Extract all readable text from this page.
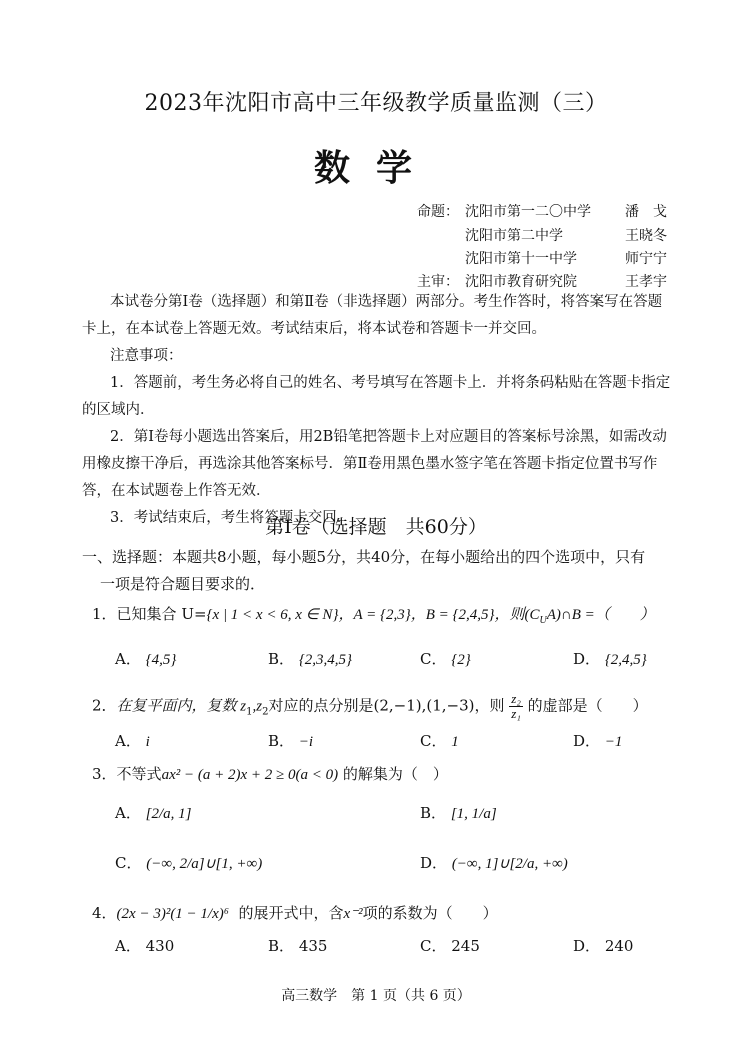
2023年沈阳市高中三年级教学质量监测（三）
数学
命题： 沈阳市第一二〇中学 潘　戈
沈阳市第二中学	王晓冬
沈阳市第十一中学	师宁宁
主审： 沈阳市教育研究院	王孝宇

本试卷分第Ⅰ卷（选择题）和第Ⅱ卷（非选择题）两部分。考生作答时，将答案写在答题卡上，在本试卷上答题无效。考试结束后，将本试卷和答题卡一并交回。

注意事项：

1．答题前，考生务必将自己的姓名、考号填写在答题卡上．并将条码粘贴在答题卡指定的区域内．

2．第Ⅰ卷每小题选出答案后，用2B铅笔把答题卡上对应题目的答案标号涂黑，如需改动用橡皮擦干净后，再选涂其他答案标号．第Ⅱ卷用黑色墨水签字笔在答题卡指定位置书写作答，在本试题卷上作答无效．

3．考试结束后，考生将答题卡交回．

第Ⅰ卷（选择题　共60分）
一、选择题：本题共8小题，每小题5分，共40分，在每小题给出的四个选项中，只有
一项是符合题目要求的．
1．已知集合 U={x | 1 < x < 6, x ∈ N}，A = {2,3}，B = {2,4,5}，则$(C_UA)\cap B$ =（　　）
A． {4,5}	B． {2,3,4,5}	C． {2}	D． {2,4,5}
2．在复平面内，复数 $z_1,z_2$对应的点分别是(2,−1),(1,−3)，则 $\frac{\text{z₂}}{\text{z₁}}$ 的虚部是（　　）
A． i	B． −i	C． 1	D． −1
3．不等式ax² − (a + 2)x + 2 ≥ 0(a < 0) 的解集为（　）
A． [2/a, 1]	B． [1, 1/a]
C． (−∞, 2/a]∪[1, +∞)	D． (−∞, 1]∪[2/a, +∞)
4．(2x − 3)²(1 − 1/x)⁶ 的展开式中，含x⁻²项的系数为（　　）
A． 430	B． 435	C． 245	D． 240
高三数学　第 1 页（共 6 页）
